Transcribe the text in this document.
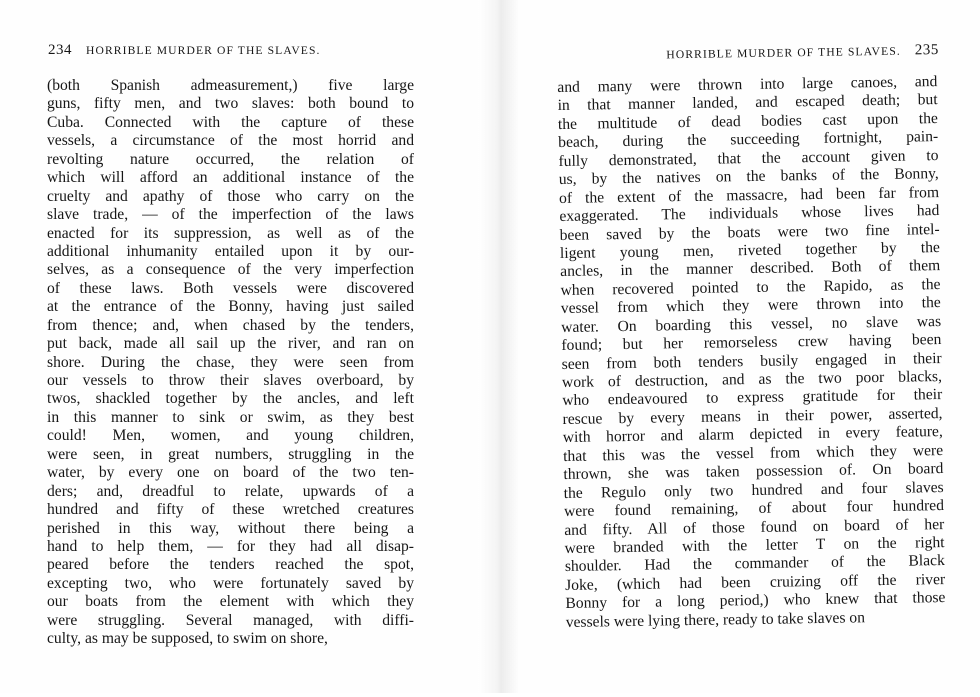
234 HORRIBLE MURDER OF THE SLAVES.
(both Spanish admeasurement,) five large
guns, fifty men, and two slaves: both bound to
Cuba. Connected with the capture of these
vessels, a circumstance of the most horrid and
revolting nature occurred, the relation of
which will afford an additional instance of the
cruelty and apathy of those who carry on the
slave trade, — of the imperfection of the laws
enacted for its suppression, as well as of the
additional inhumanity entailed upon it by our-
selves, as a consequence of the very imperfection
of these laws. Both vessels were discovered
at the entrance of the Bonny, having just sailed
from thence; and, when chased by the tenders,
put back, made all sail up the river, and ran on
shore. During the chase, they were seen from
our vessels to throw their slaves overboard, by
twos, shackled together by the ancles, and left
in this manner to sink or swim, as they best
could! Men, women, and young children,
were seen, in great numbers, struggling in the
water, by every one on board of the two ten-
ders; and, dreadful to relate, upwards of a
hundred and fifty of these wretched creatures
perished in this way, without there being a
hand to help them, — for they had all disap-
peared before the tenders reached the spot,
excepting two, who were fortunately saved by
our boats from the element with which they
were struggling. Several managed, with diffi-
culty, as may be supposed, to swim on shore,
HORRIBLE MURDER OF THE SLAVES. 235
and many were thrown into large canoes, and
in that manner landed, and escaped death; but
the multitude of dead bodies cast upon the
beach, during the succeeding fortnight, pain-
fully demonstrated, that the account given to
us, by the natives on the banks of the Bonny,
of the extent of the massacre, had been far from
exaggerated. The individuals whose lives had
been saved by the boats were two fine intel-
ligent young men, riveted together by the
ancles, in the manner described. Both of them
when recovered pointed to the Rapido, as the
vessel from which they were thrown into the
water. On boarding this vessel, no slave was
found; but her remorseless crew having been
seen from both tenders busily engaged in their
work of destruction, and as the two poor blacks,
who endeavoured to express gratitude for their
rescue by every means in their power, asserted,
with horror and alarm depicted in every feature,
that this was the vessel from which they were
thrown, she was taken possession of. On board
the Regulo only two hundred and four slaves
were found remaining, of about four hundred
and fifty. All of those found on board of her
were branded with the letter T on the right
shoulder. Had the commander of the Black
Joke, (which had been cruizing off the river
Bonny for a long period,) who knew that those
vessels were lying there, ready to take slaves on
